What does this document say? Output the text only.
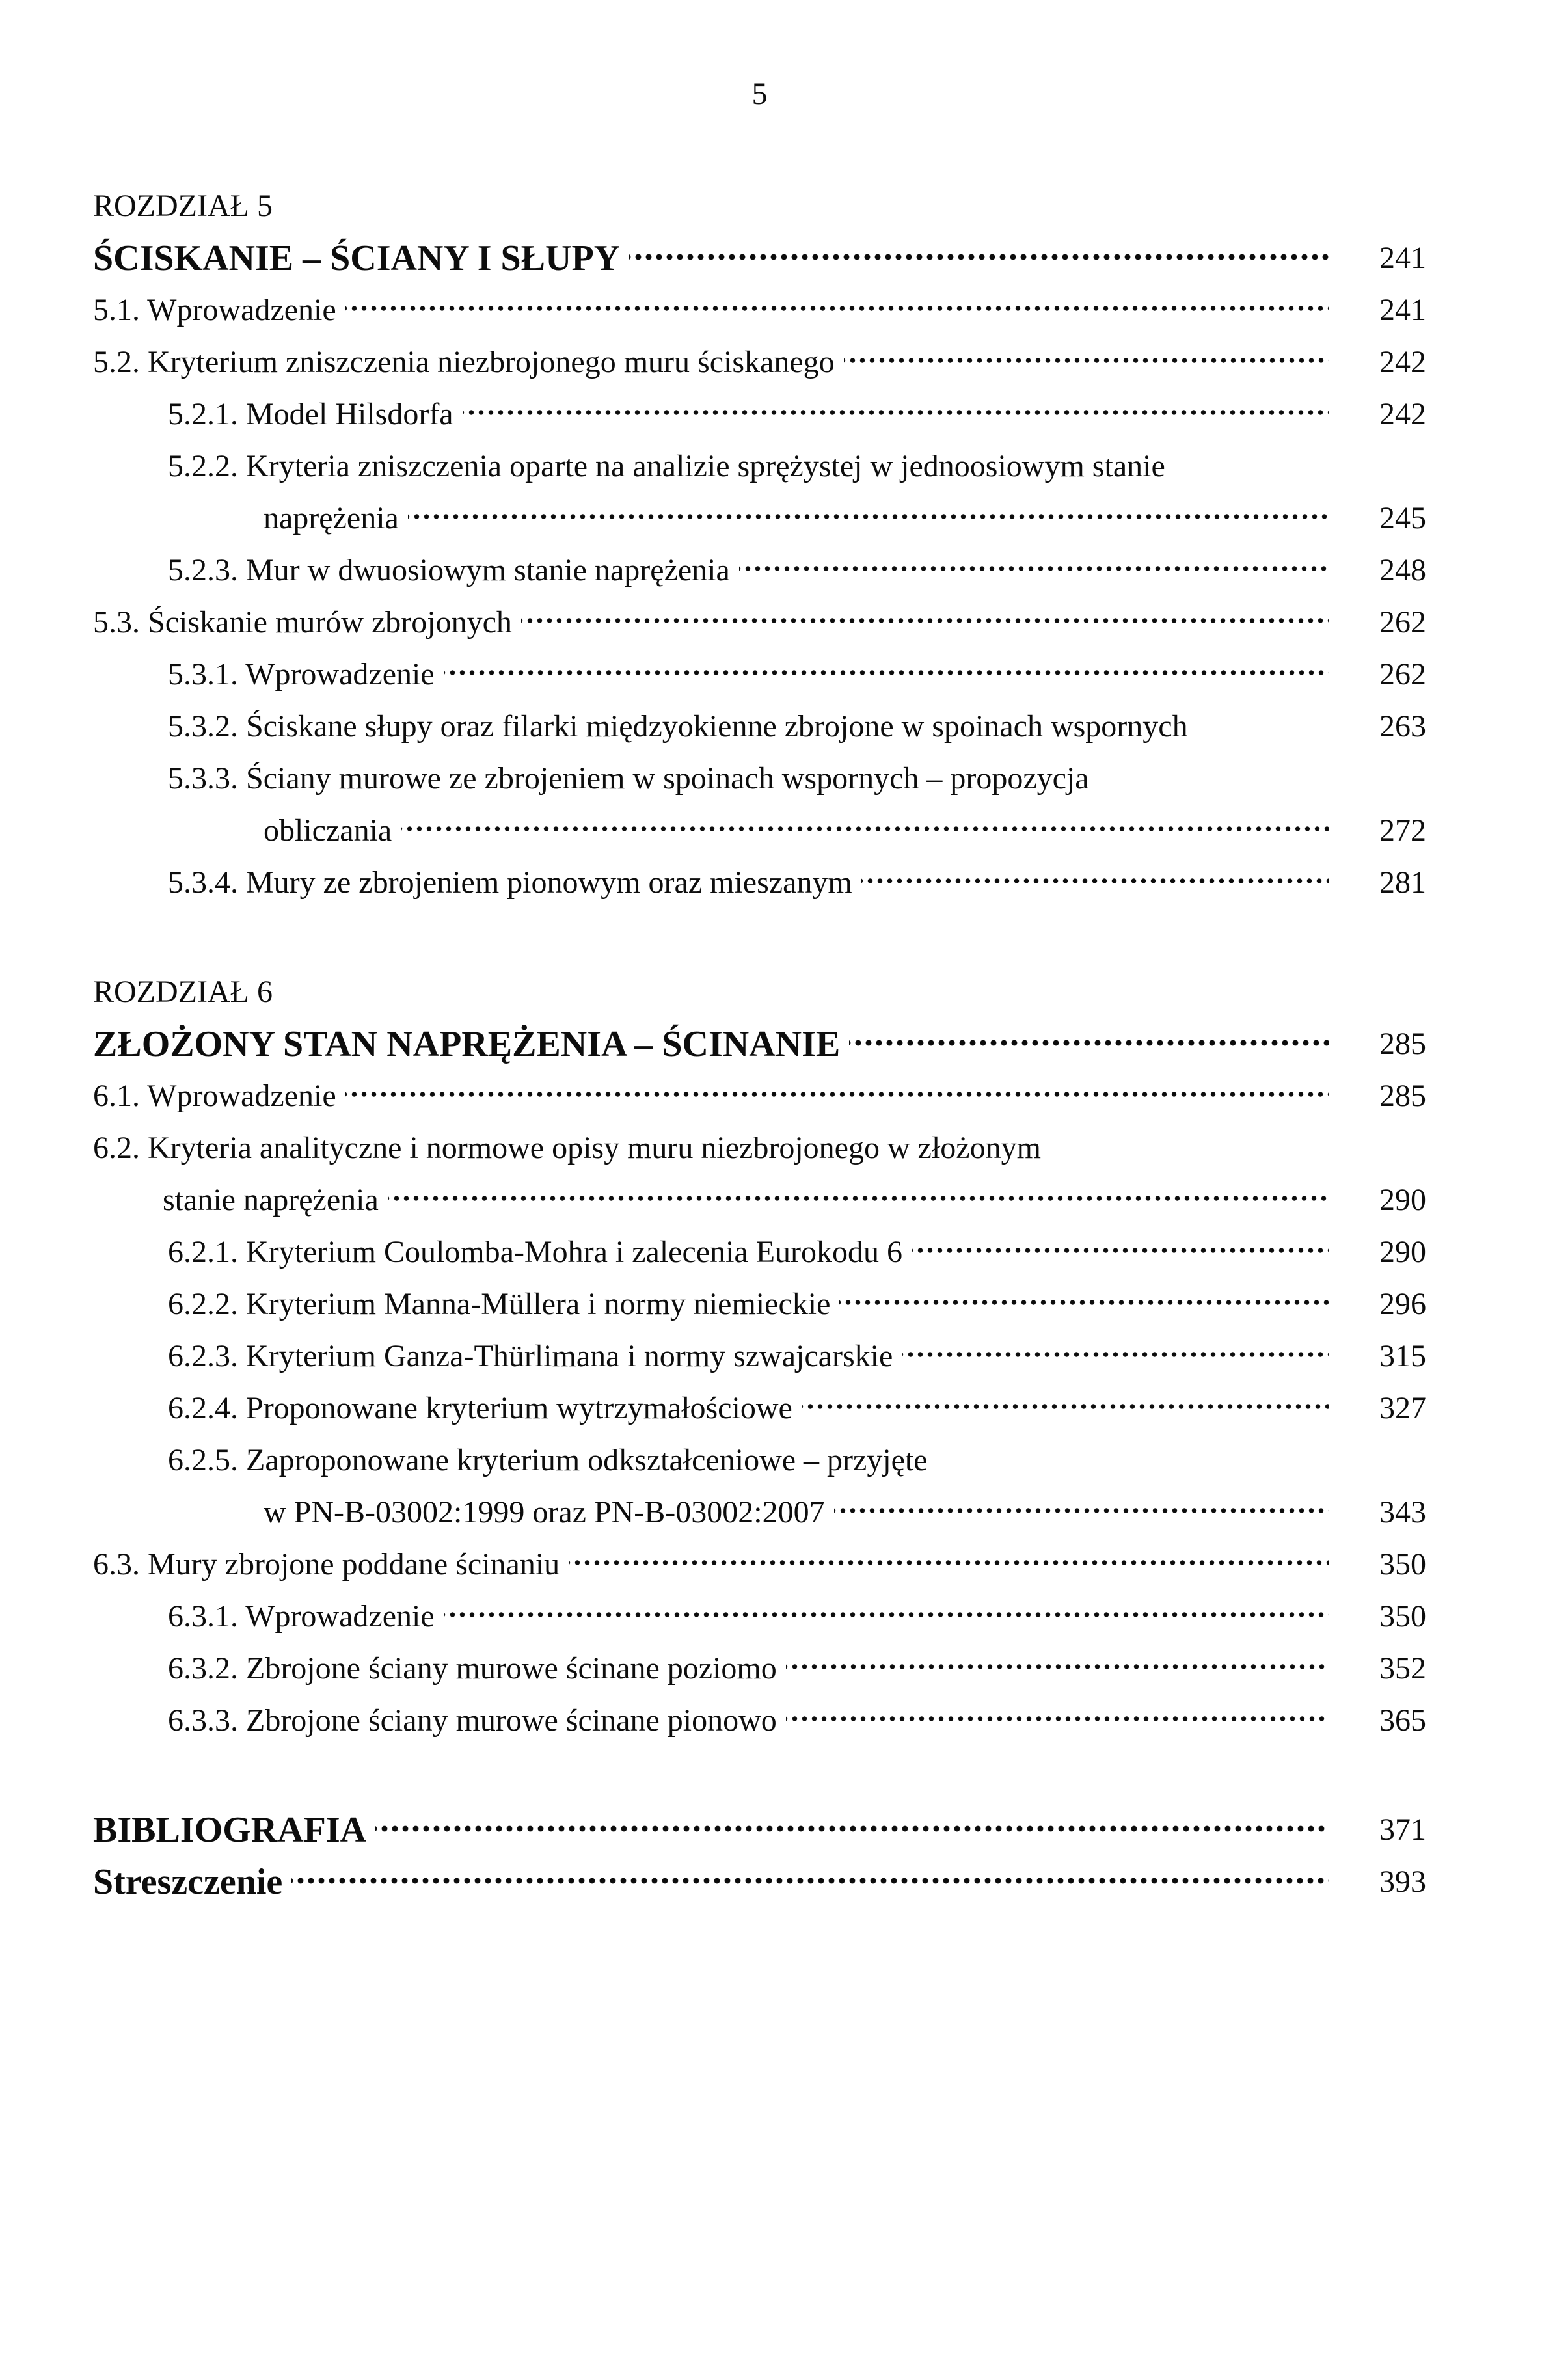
5
ROZDZIAŁ 5
ŚCISKANIE – ŚCIANY I SŁUPY	241
5.1. Wprowadzenie	241
5.2. Kryterium zniszczenia niezbrojonego muru ściskanego	242
5.2.1. Model Hilsdorfa	242
5.2.2. Kryteria zniszczenia oparte na analizie sprężystej w jednoosiowym stanie
naprężenia	245
5.2.3. Mur w dwuosiowym stanie naprężenia	248
5.3. Ściskanie murów zbrojonych	262
5.3.1. Wprowadzenie	262
5.3.2. Ściskane słupy oraz filarki międzyokienne zbrojone w spoinach wspornych	263
5.3.3. Ściany murowe ze zbrojeniem w spoinach wspornych – propozycja
obliczania	272
5.3.4. Mury ze zbrojeniem pionowym oraz mieszanym	281
ROZDZIAŁ 6
ZŁOŻONY STAN NAPRĘŻENIA – ŚCINANIE	285
6.1. Wprowadzenie	285
6.2. Kryteria analityczne i normowe opisy muru niezbrojonego w złożonym
stanie naprężenia	290
6.2.1. Kryterium Coulomba-Mohra i zalecenia Eurokodu 6	290
6.2.2. Kryterium Manna-Müllera i normy niemieckie	296
6.2.3. Kryterium Ganza-Thürlimana i normy szwajcarskie	315
6.2.4. Proponowane kryterium wytrzymałościowe	327
6.2.5. Zaproponowane kryterium odkształceniowe – przyjęte
w PN-B-03002:1999 oraz PN-B-03002:2007	343
6.3. Mury zbrojone poddane ścinaniu	350
6.3.1. Wprowadzenie	350
6.3.2. Zbrojone ściany murowe ścinane poziomo	352
6.3.3. Zbrojone ściany murowe ścinane pionowo	365
BIBLIOGRAFIA	371
Streszczenie	393
